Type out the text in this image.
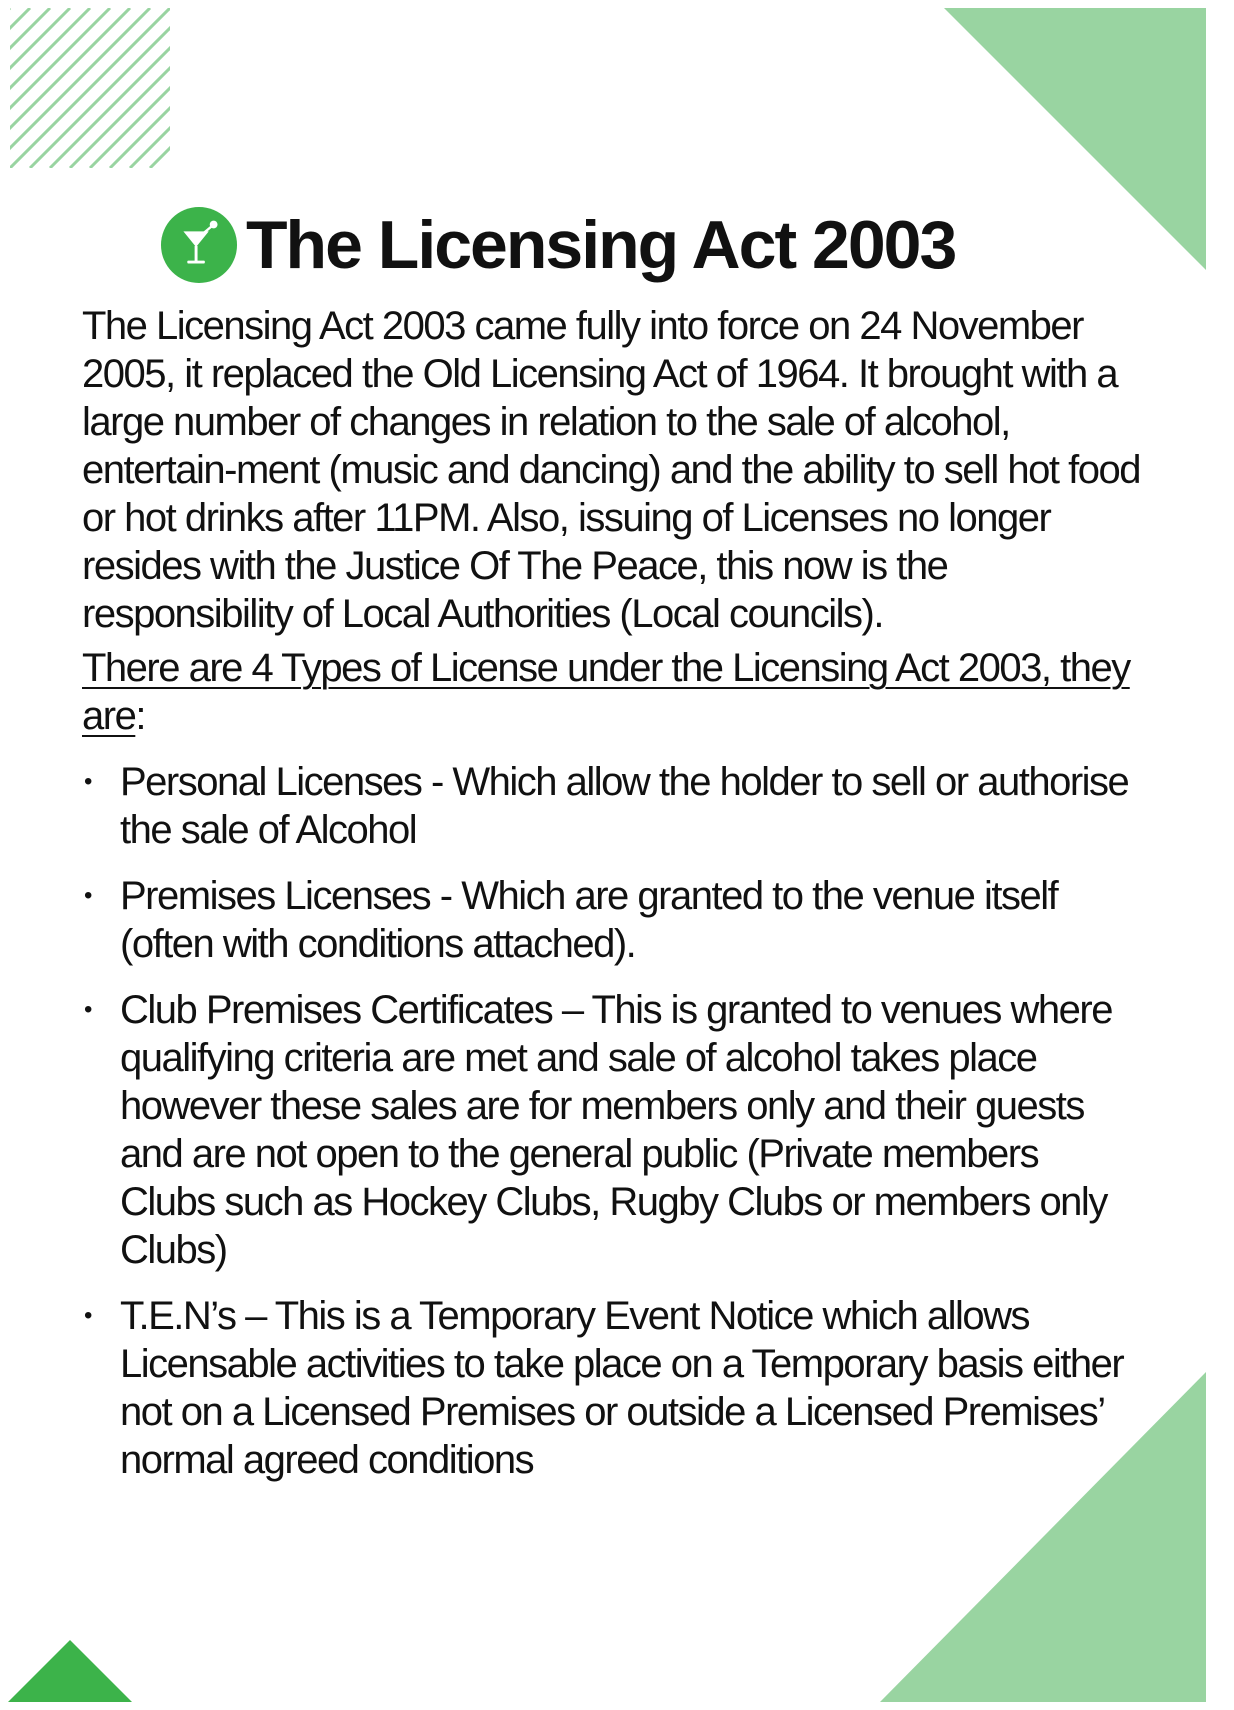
The Licensing Act 2003

The Licensing Act 2003 came fully into force on 24 November 2005, it replaced the Old Licensing Act of 1964. It brought with a large number of changes in relation to the sale of alcohol, entertain-ment (music and dancing) and the ability to sell hot food or hot drinks after 11PM. Also, issuing of Licenses no longer resides with the Justice Of The Peace, this now is the responsibility of Local Authorities (Local councils).

There are 4 Types of License under the Licensing Act 2003, they are:

• Personal Licenses - Which allow the holder to sell or authorise the sale of Alcohol
• Premises Licenses - Which are granted to the venue itself (often with conditions attached).
• Club Premises Certificates – This is granted to venues where qualifying criteria are met and sale of alcohol takes place however these sales are for members only and their guests and are not open to the general public (Private members Clubs such as Hockey Clubs, Rugby Clubs or members only Clubs)
• T.E.N’s – This is a Temporary Event Notice which allows Licensable activities to take place on a Temporary basis either not on a Licensed Premises or outside a Licensed Premises’ normal agreed conditions
